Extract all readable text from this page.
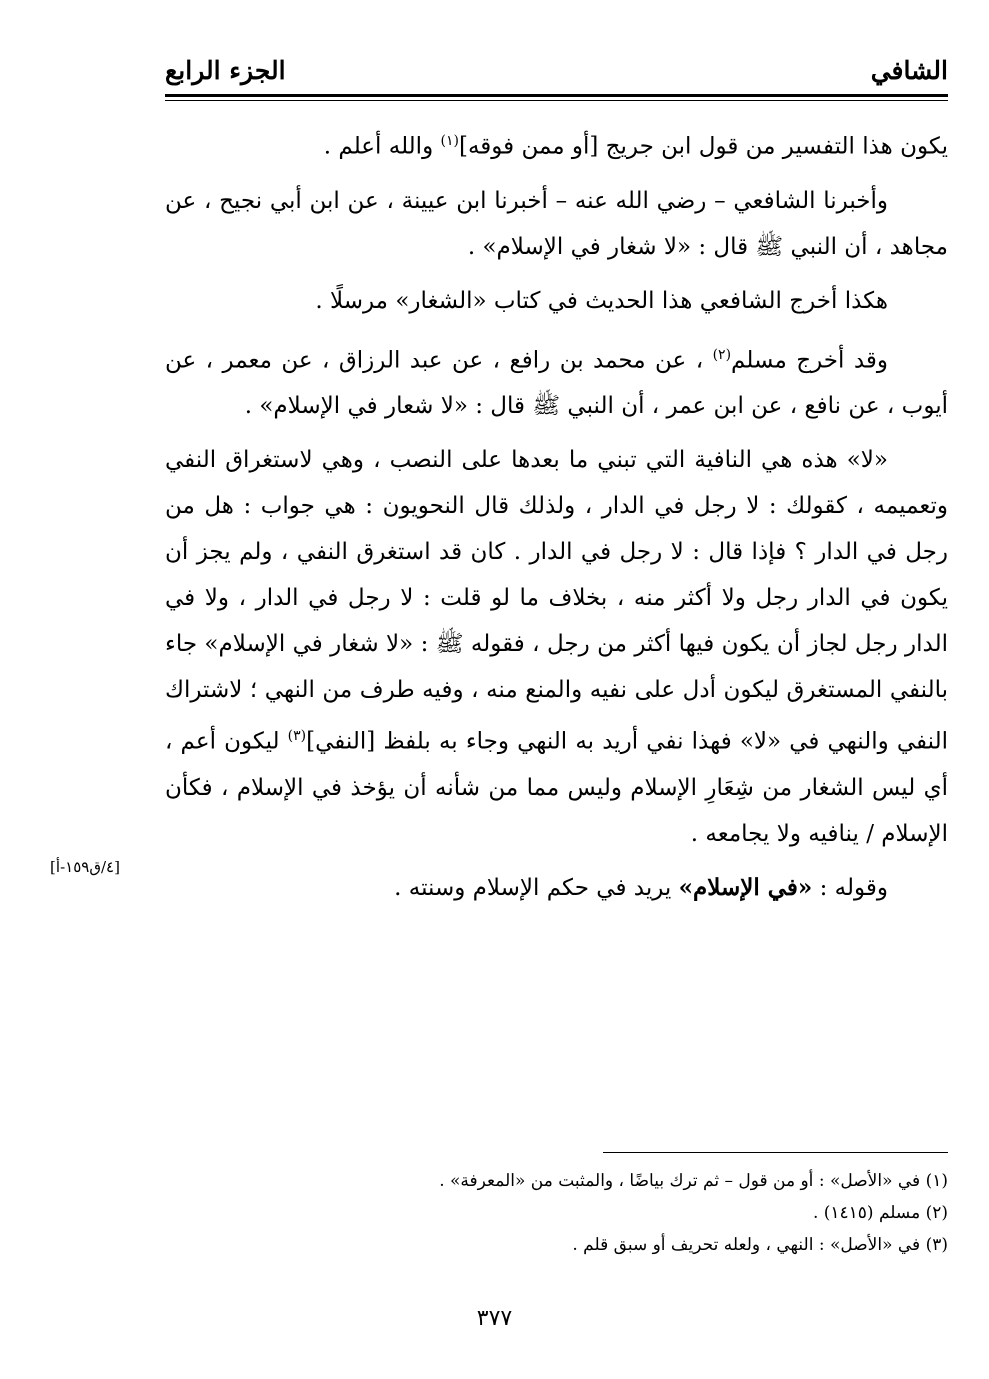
الشافي
الجزء الرابع

يكون هذا التفسير من قول ابن جريج [أو ممن فوقه]$^{(١)}$ والله أعلم .

وأخبرنا الشافعي – رضي الله عنه – أخبرنا ابن عيينة ، عن ابن أبي نجيح ، عن مجاهد ، أن النبي ﷺ قال : «لا شغار في الإسلام» .

هكذا أخرج الشافعي هذا الحديث في كتاب «الشغار» مرسلًا .

وقد أخرج مسلم$^{(٢)}$ ، عن محمد بن رافع ، عن عبد الرزاق ، عن معمر ، عن أيوب ، عن نافع ، عن ابن عمر ، أن النبي ﷺ قال : «لا شعار في الإسلام» .

«لا» هذه هي النافية التي تبني ما بعدها على النصب ، وهي لاستغراق النفي وتعميمه ، كقولك : لا رجل في الدار ، ولذلك قال النحويون : هي جواب : هل من رجل في الدار ؟ فإذا قال : لا رجل في الدار . كان قد استغرق النفي ، ولم يجز أن يكون في الدار رجل ولا أكثر منه ، بخلاف ما لو قلت : لا رجل في الدار ، ولا في الدار رجل لجاز أن يكون فيها أكثر من رجل ، فقوله ﷺ : «لا شغار في الإسلام» جاء بالنفي المستغرق ليكون أدل على نفيه والمنع منه ، وفيه طرف من النهي ؛ لاشتراك النفي والنهي في «لا» فهذا نفي أريد به النهي وجاء به بلفظ [النفي]$^{(٣)}$ ليكون أعم ، أي ليس الشغار من شِعَارِ الإسلام وليس مما من شأنه أن يؤخذ في الإسلام ، فكأن الإسلام / ينافيه ولا يجامعه .

وقوله : «في الإسلام» يريد في حكم الإسلام وسنته .

[٤/ق١٥٩-أ]
(١) في «الأصل» : أو من قول – ثم ترك بياضًا ، والمثبت من «المعرفة» .
(٢) مسلم (١٤١٥) .
(٣) في «الأصل» : النهي ، ولعله تحريف أو سبق قلم .
٣٧٧
